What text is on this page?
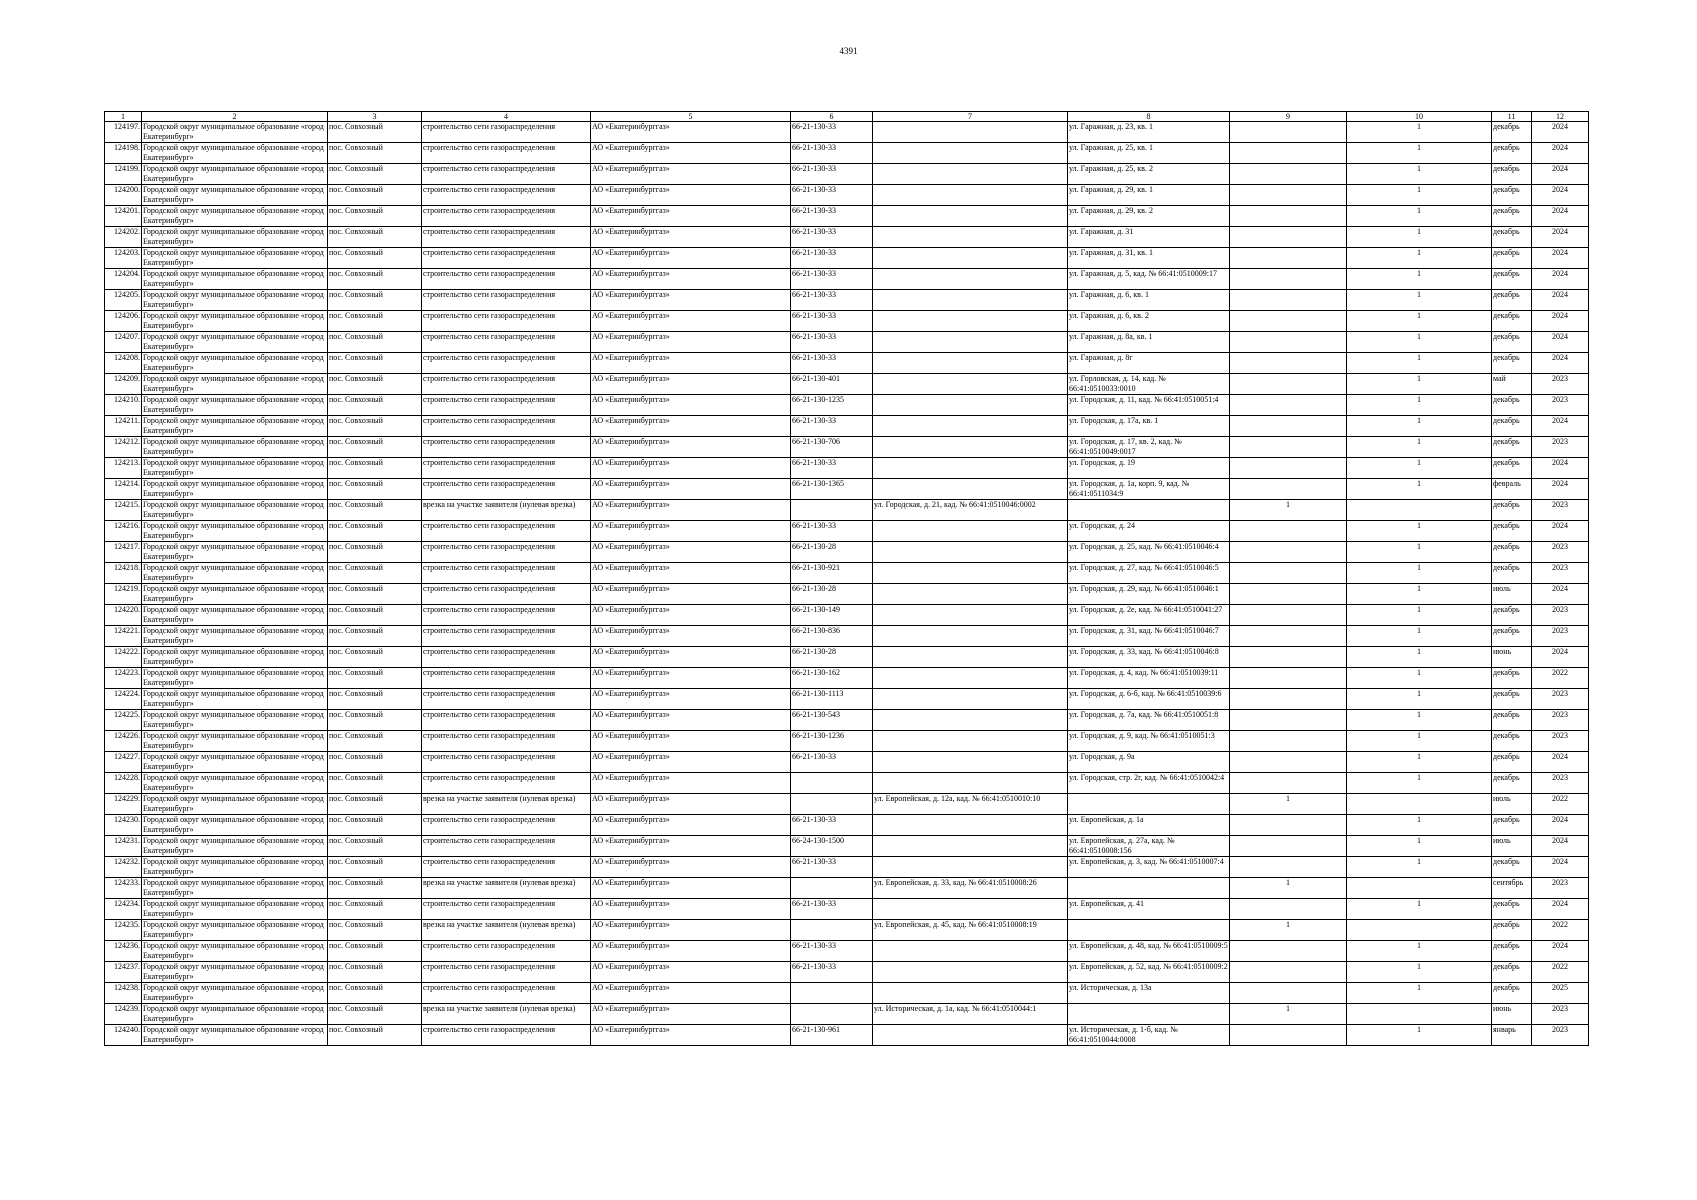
4391
1	2	3	4	5	6	7	8	9	10	11	12
124197.	Городской округ муниципальное образование «город Екатеринбург»	пос. Совхозный	строительство сети газораспределения	АО «Екатеринбурггаз»	66-21-130-33		ул. Гаражная, д. 23, кв. 1		1	декабрь	2024
124198.	Городской округ муниципальное образование «город Екатеринбург»	пос. Совхозный	строительство сети газораспределения	АО «Екатеринбурггаз»	66-21-130-33		ул. Гаражная, д. 25, кв. 1		1	декабрь	2024
124199.	Городской округ муниципальное образование «город Екатеринбург»	пос. Совхозный	строительство сети газораспределения	АО «Екатеринбурггаз»	66-21-130-33		ул. Гаражная, д. 25, кв. 2		1	декабрь	2024
124200.	Городской округ муниципальное образование «город Екатеринбург»	пос. Совхозный	строительство сети газораспределения	АО «Екатеринбурггаз»	66-21-130-33		ул. Гаражная, д. 29, кв. 1		1	декабрь	2024
124201.	Городской округ муниципальное образование «город Екатеринбург»	пос. Совхозный	строительство сети газораспределения	АО «Екатеринбурггаз»	66-21-130-33		ул. Гаражная, д. 29, кв. 2		1	декабрь	2024
124202.	Городской округ муниципальное образование «город Екатеринбург»	пос. Совхозный	строительство сети газораспределения	АО «Екатеринбурггаз»	66-21-130-33		ул. Гаражная, д. 31		1	декабрь	2024
124203.	Городской округ муниципальное образование «город Екатеринбург»	пос. Совхозный	строительство сети газораспределения	АО «Екатеринбурггаз»	66-21-130-33		ул. Гаражная, д. 31, кв. 1		1	декабрь	2024
124204.	Городской округ муниципальное образование «город Екатеринбург»	пос. Совхозный	строительство сети газораспределения	АО «Екатеринбурггаз»	66-21-130-33		ул. Гаражная, д. 5, кад. № 66:41:0510009:17		1	декабрь	2024
124205.	Городской округ муниципальное образование «город Екатеринбург»	пос. Совхозный	строительство сети газораспределения	АО «Екатеринбурггаз»	66-21-130-33		ул. Гаражная, д. 6, кв. 1		1	декабрь	2024
124206.	Городской округ муниципальное образование «город Екатеринбург»	пос. Совхозный	строительство сети газораспределения	АО «Екатеринбурггаз»	66-21-130-33		ул. Гаражная, д. 6, кв. 2		1	декабрь	2024
124207.	Городской округ муниципальное образование «город Екатеринбург»	пос. Совхозный	строительство сети газораспределения	АО «Екатеринбурггаз»	66-21-130-33		ул. Гаражная, д. 8а, кв. 1		1	декабрь	2024
124208.	Городской округ муниципальное образование «город Екатеринбург»	пос. Совхозный	строительство сети газораспределения	АО «Екатеринбурггаз»	66-21-130-33		ул. Гаражная, д. 8г		1	декабрь	2024
124209.	Городской округ муниципальное образование «город Екатеринбург»	пос. Совхозный	строительство сети газораспределения	АО «Екатеринбурггаз»	66-21-130-401		ул. Горловская, д. 14, кад. № 66:41:0510033:0010		1	май	2023
124210.	Городской округ муниципальное образование «город Екатеринбург»	пос. Совхозный	строительство сети газораспределения	АО «Екатеринбурггаз»	66-21-130-1235		ул. Городская, д. 11, кад. № 66:41:0510051:4		1	декабрь	2023
124211.	Городской округ муниципальное образование «город Екатеринбург»	пос. Совхозный	строительство сети газораспределения	АО «Екатеринбурггаз»	66-21-130-33		ул. Городская, д. 17а, кв. 1		1	декабрь	2024
124212.	Городской округ муниципальное образование «город Екатеринбург»	пос. Совхозный	строительство сети газораспределения	АО «Екатеринбурггаз»	66-21-130-706		ул. Городская, д. 17, кв. 2, кад. № 66:41:0510049:0017		1	декабрь	2023
124213.	Городской округ муниципальное образование «город Екатеринбург»	пос. Совхозный	строительство сети газораспределения	АО «Екатеринбурггаз»	66-21-130-33		ул. Городская, д. 19		1	декабрь	2024
124214.	Городской округ муниципальное образование «город Екатеринбург»	пос. Совхозный	строительство сети газораспределения	АО «Екатеринбурггаз»	66-21-130-1365		ул. Городская, д. 1а, корп. 9, кад. № 66:41:0511034:9		1	февраль	2024
124215.	Городской округ муниципальное образование «город Екатеринбург»	пос. Совхозный	врезка на участке заявителя (нулевая врезка)	АО «Екатеринбурггаз»		ул. Городская, д. 21, кад. № 66:41:0510046:0002		1		декабрь	2023
124216.	Городской округ муниципальное образование «город Екатеринбург»	пос. Совхозный	строительство сети газораспределения	АО «Екатеринбурггаз»	66-21-130-33		ул. Городская, д. 24		1	декабрь	2024
124217.	Городской округ муниципальное образование «город Екатеринбург»	пос. Совхозный	строительство сети газораспределения	АО «Екатеринбурггаз»	66-21-130-28		ул. Городская, д. 25, кад. № 66:41:0510046:4		1	декабрь	2023
124218.	Городской округ муниципальное образование «город Екатеринбург»	пос. Совхозный	строительство сети газораспределения	АО «Екатеринбурггаз»	66-21-130-921		ул. Городская, д. 27, кад. № 66:41:0510046:5		1	декабрь	2023
124219.	Городской округ муниципальное образование «город Екатеринбург»	пос. Совхозный	строительство сети газораспределения	АО «Екатеринбурггаз»	66-21-130-28		ул. Городская, д. 29, кад. № 66:41:0510046:1		1	июль	2024
124220.	Городской округ муниципальное образование «город Екатеринбург»	пос. Совхозный	строительство сети газораспределения	АО «Екатеринбурггаз»	66-21-130-149		ул. Городская, д. 2е, кад. № 66:41:0510041:27		1	декабрь	2023
124221.	Городской округ муниципальное образование «город Екатеринбург»	пос. Совхозный	строительство сети газораспределения	АО «Екатеринбурггаз»	66-21-130-836		ул. Городская, д. 31, кад. № 66:41:0510046:7		1	декабрь	2023
124222.	Городской округ муниципальное образование «город Екатеринбург»	пос. Совхозный	строительство сети газораспределения	АО «Екатеринбурггаз»	66-21-130-28		ул. Городская, д. 33, кад. № 66:41:0510046:8		1	июнь	2024
124223.	Городской округ муниципальное образование «город Екатеринбург»	пос. Совхозный	строительство сети газораспределения	АО «Екатеринбурггаз»	66-21-130-162		ул. Городская, д. 4, кад. № 66:41:0510039:11		1	декабрь	2022
124224.	Городской округ муниципальное образование «город Екатеринбург»	пос. Совхозный	строительство сети газораспределения	АО «Екатеринбурггаз»	66-21-130-1113		ул. Городская, д. 6-б, кад. № 66:41:0510039:6		1	декабрь	2023
124225.	Городской округ муниципальное образование «город Екатеринбург»	пос. Совхозный	строительство сети газораспределения	АО «Екатеринбурггаз»	66-21-130-543		ул. Городская, д. 7а, кад. № 66:41:0510051:8		1	декабрь	2023
124226.	Городской округ муниципальное образование «город Екатеринбург»	пос. Совхозный	строительство сети газораспределения	АО «Екатеринбурггаз»	66-21-130-1236		ул. Городская, д. 9, кад. № 66:41:0510051:3		1	декабрь	2023
124227.	Городской округ муниципальное образование «город Екатеринбург»	пос. Совхозный	строительство сети газораспределения	АО «Екатеринбурггаз»	66-21-130-33		ул. Городская, д. 9а		1	декабрь	2024
124228.	Городской округ муниципальное образование «город Екатеринбург»	пос. Совхозный	строительство сети газораспределения	АО «Екатеринбурггаз»			ул. Городская, стр. 2г, кад. № 66:41:0510042:4		1	декабрь	2023
124229.	Городской округ муниципальное образование «город Екатеринбург»	пос. Совхозный	врезка на участке заявителя (нулевая врезка)	АО «Екатеринбурггаз»		ул. Европейская, д. 12а, кад. № 66:41:0510010:10		1		июль	2022
124230.	Городской округ муниципальное образование «город Екатеринбург»	пос. Совхозный	строительство сети газораспределения	АО «Екатеринбурггаз»	66-21-130-33		ул. Европейская, д. 1а		1	декабрь	2024
124231.	Городской округ муниципальное образование «город Екатеринбург»	пос. Совхозный	строительство сети газораспределения	АО «Екатеринбурггаз»	66-24-130-1500		ул. Европейская, д. 27а, кад. № 66:41:0510008:156		1	июль	2024
124232.	Городской округ муниципальное образование «город Екатеринбург»	пос. Совхозный	строительство сети газораспределения	АО «Екатеринбурггаз»	66-21-130-33		ул. Европейская, д. 3, кад. № 66:41:0510007:4		1	декабрь	2024
124233.	Городской округ муниципальное образование «город Екатеринбург»	пос. Совхозный	врезка на участке заявителя (нулевая врезка)	АО «Екатеринбурггаз»		ул. Европейская, д. 33, кад. № 66:41:0510008:26		1		сентябрь	2023
124234.	Городской округ муниципальное образование «город Екатеринбург»	пос. Совхозный	строительство сети газораспределения	АО «Екатеринбурггаз»	66-21-130-33		ул. Европейская, д. 41		1	декабрь	2024
124235.	Городской округ муниципальное образование «город Екатеринбург»	пос. Совхозный	врезка на участке заявителя (нулевая врезка)	АО «Екатеринбурггаз»		ул. Европейская, д. 45, кад. № 66:41:0510008:19		1		декабрь	2022
124236.	Городской округ муниципальное образование «город Екатеринбург»	пос. Совхозный	строительство сети газораспределения	АО «Екатеринбурггаз»	66-21-130-33		ул. Европейская, д. 48, кад. № 66:41:0510009:5		1	декабрь	2024
124237.	Городской округ муниципальное образование «город Екатеринбург»	пос. Совхозный	строительство сети газораспределения	АО «Екатеринбурггаз»	66-21-130-33		ул. Европейская, д. 52, кад. № 66:41:0510009:2		1	декабрь	2022
124238.	Городской округ муниципальное образование «город Екатеринбург»	пос. Совхозный	строительство сети газораспределения	АО «Екатеринбурггаз»			ул. Историческая, д. 13а		1	декабрь	2025
124239.	Городской округ муниципальное образование «город Екатеринбург»	пос. Совхозный	врезка на участке заявителя (нулевая врезка)	АО «Екатеринбурггаз»		ул. Историческая, д. 1а, кад. № 66:41:0510044:1		1		июнь	2023
124240.	Городской округ муниципальное образование «город Екатеринбург»	пос. Совхозный	строительство сети газораспределения	АО «Екатеринбурггаз»	66-21-130-961		ул. Историческая, д. 1-б, кад. № 66:41:0510044:0008		1	январь	2023
